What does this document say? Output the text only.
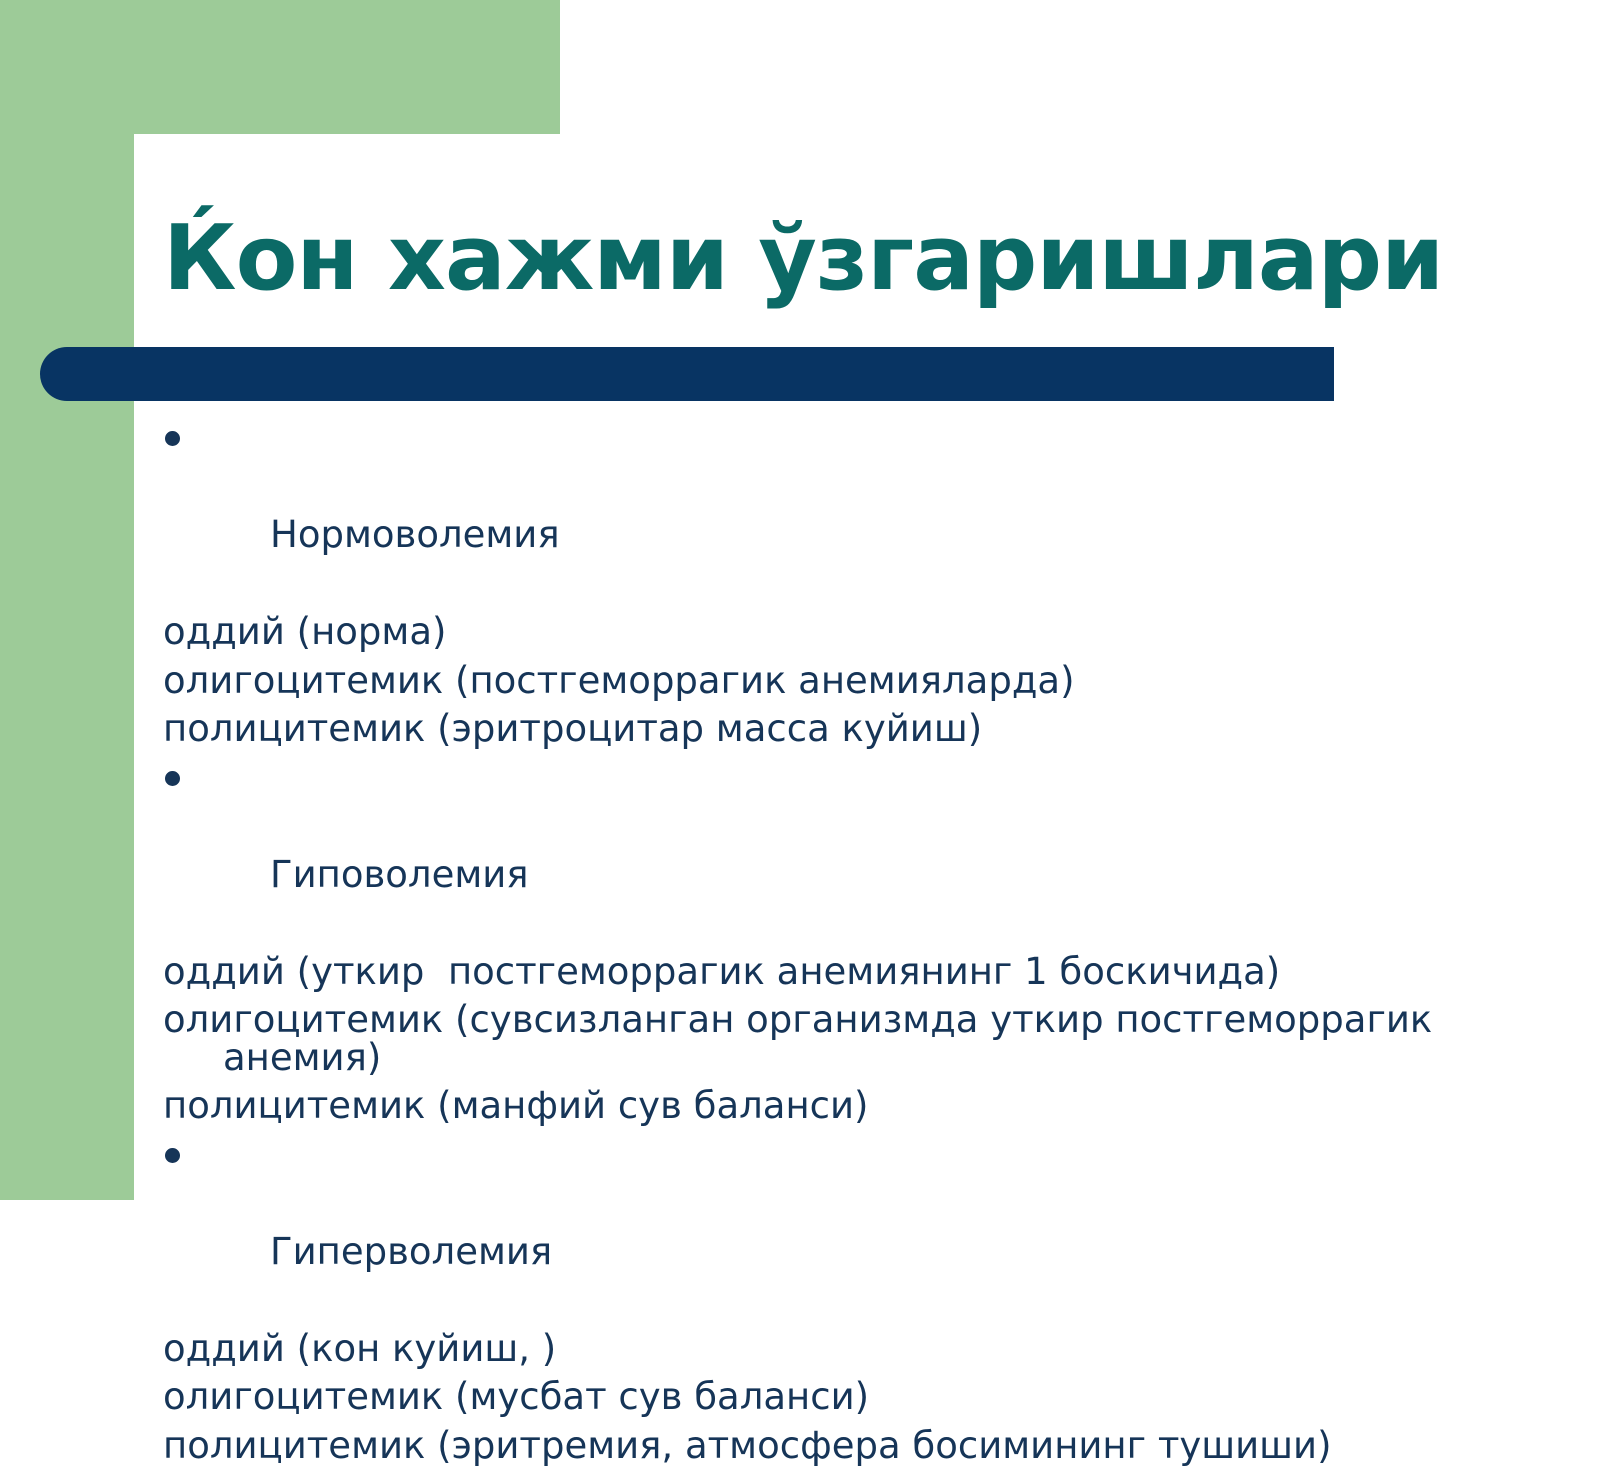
Ќон хажми ўзгаришлари

Нормоволемия

оддий (норма)
олигоцитемик (постгеморрагик анемияларда)
полицитемик (эритроцитар масса куйиш)

Гиповолемия

оддий (уткир  постгеморрагик анемиянинг 1 боскичида)
олигоцитемик (сувсизланган организмда уткир постгеморрагик анемия)
полицитемик (манфий сув баланси)

Гиперволемия

оддий (кон куйиш, )
олигоцитемик (мусбат сув баланси)
полицитемик (эритремия, атмосфера босимининг тушиши)
